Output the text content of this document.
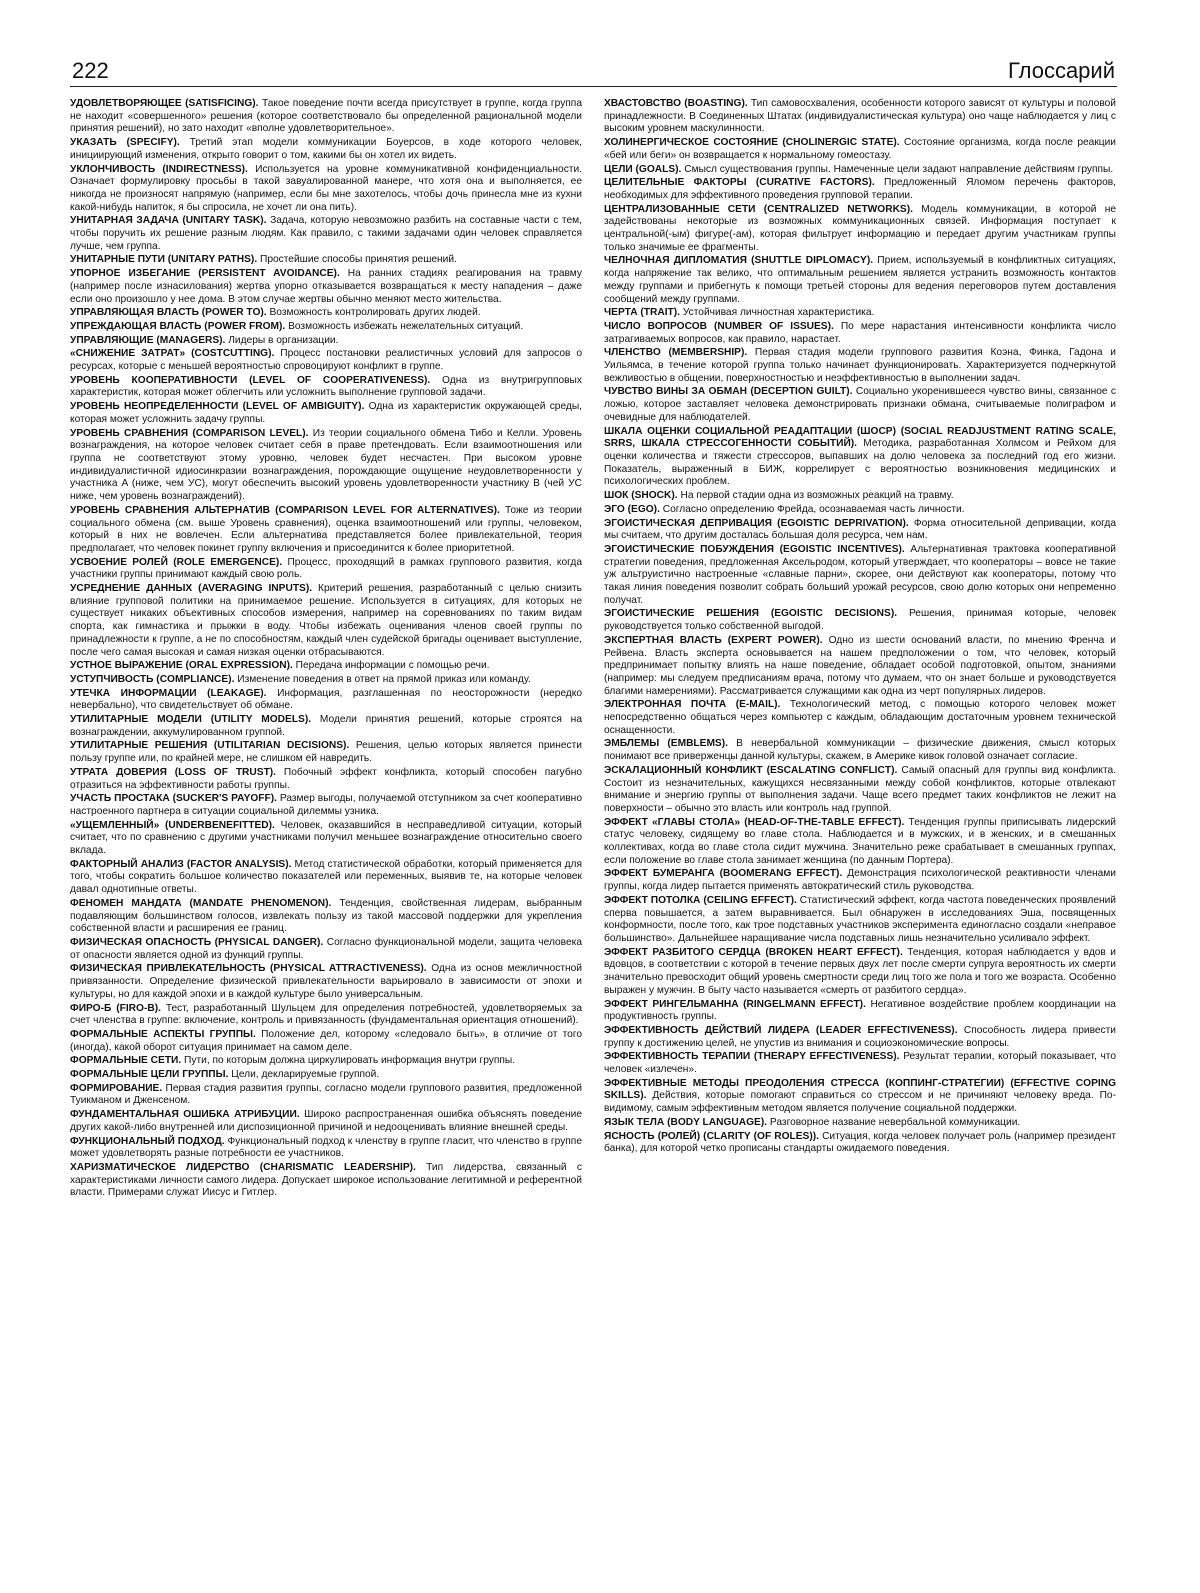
222	Глоссарий

УДОВЛЕТВОРЯЮЩЕЕ (SATISFICING). Такое поведение почти всегда присутствует в группе, когда группа не находит «совершенного» решения (которое соответствовало бы определенной рациональной модели принятия решений), но зато находит «вполне удовлетворительное».

УКАЗАТЬ (SPECIFY). Третий этап модели коммуникации Боуерсов, в ходе которого человек, инициирующий изменения, открыто говорит о том, какими бы он хотел их видеть.

УКЛОНЧИВОСТЬ (INDIRECTNESS). Используется на уровне коммуникативной конфиденциальности. Означает формулировку просьбы в такой завуалированной манере, что хотя она и выполняется, ее никогда не произносят напрямую (например, если бы мне захотелось, чтобы дочь принесла мне из кухни какой-нибудь напиток, я бы спросила, не хочет ли она пить).

УНИТАРНАЯ ЗАДАЧА (UNITARY TASK). Задача, которую невозможно разбить на составные части с тем, чтобы поручить их решение разным людям. Как правило, с такими задачами один человек справляется лучше, чем группа.

УНИТАРНЫЕ ПУТИ (UNITARY PATHS). Простейшие способы принятия решений.

УПОРНОЕ ИЗБЕГАНИЕ (PERSISTENT AVOIDANCE). На ранних стадиях реагирования на травму (например после изнасилования) жертва упорно отказывается возвращаться к месту нападения – даже если оно произошло у нее дома. В этом случае жертвы обычно меняют место жительства.

УПРАВЛЯЮЩАЯ ВЛАСТЬ (POWER TO). Возможность контролировать других людей.

УПРЕЖДАЮЩАЯ ВЛАСТЬ (POWER FROM). Возможность избежать нежелательных ситуаций.

УПРАВЛЯЮЩИЕ (MANAGERS). Лидеры в организации.

«СНИЖЕНИЕ ЗАТРАТ» (COSTCUTTING). Процесс постановки реалистичных условий для запросов о ресурсах, которые с меньшей вероятностью спровоцируют конфликт в группе.

УРОВЕНЬ КООПЕРАТИВНОСТИ (LEVEL OF COOPERATIVENESS). Одна из внутригрупповых характеристик, которая может облегчить или усложнить выполнение групповой задачи.

УРОВЕНЬ НЕОПРЕДЕЛЕННОСТИ (LEVEL OF AMBIGUITY). Одна из характеристик окружающей среды, которая может усложнить задачу группы.

УРОВЕНЬ СРАВНЕНИЯ (COMPARISON LEVEL). Из теории социального обмена Тибо и Келли. Уровень вознаграждения, на которое человек считает себя в праве претендовать. Если взаимоотношения или группа не соответствуют этому уровню, человек будет несчастен. При высоком уровне индивидуалистичной идиосинкразии вознаграждения, порождающие ощущение неудовлетворенности у участника A (ниже, чем УС), могут обеспечить высокий уровень удовлетворенности участнику B (чей УС ниже, чем уровень вознаграждений).

УРОВЕНЬ СРАВНЕНИЯ АЛЬТЕРНАТИВ (COMPARISON LEVEL FOR ALTERNATIVES). Тоже из теории социального обмена (см. выше Уровень сравнения), оценка взаимоотношений или группы, человеком, который в них не вовлечен. Если альтернатива представляется более привлекательной, теория предполагает, что человек покинет группу включения и присоединится к более приоритетной.

УСВОЕНИЕ РОЛЕЙ (ROLE EMERGENCE). Процесс, проходящий в рамках группового развития, когда участники группы принимают каждый свою роль.

УСРЕДНЕНИЕ ДАННЫХ (AVERAGING INPUTS). Критерий решения, разработанный с целью снизить влияние групповой политики на принимаемое решение. Используется в ситуациях, для которых не существует никаких объективных способов измерения, например на соревнованиях по таким видам спорта, как гимнастика и прыжки в воду. Чтобы избежать оценивания членов своей группы по принадлежности к группе, а не по способностям, каждый член судейской бригады оценивает выступление, после чего самая высокая и самая низкая оценки отбрасываются.

УСТНОЕ ВЫРАЖЕНИЕ (ORAL EXPRESSION). Передача информации с помощью речи.

УСТУПЧИВОСТЬ (COMPLIANCE). Изменение поведения в ответ на прямой приказ или команду.

УТЕЧКА ИНФОРМАЦИИ (LEAKAGE). Информация, разглашенная по неосторожности (нередко невербально), что свидетельствует об обмане.

УТИЛИТАРНЫЕ МОДЕЛИ (UTILITY MODELS). Модели принятия решений, которые строятся на вознаграждении, аккумулированном группой.

УТИЛИТАРНЫЕ РЕШЕНИЯ (UTILITARIAN DECISIONS). Решения, целью которых является принести пользу группе или, по крайней мере, не слишком ей навредить.

УТРАТА ДОВЕРИЯ (LOSS OF TRUST). Побочный эффект конфликта, который способен пагубно отразиться на эффективности работы группы.

УЧАСТЬ ПРОСТАКА (SUCKER'S PAYOFF). Размер выгоды, получаемой отступником за счет кооперативно настроенного партнера в ситуации социальной дилеммы узника.

«УЩЕМЛЕННЫЙ» (UNDERBENEFITTED). Человек, оказавшийся в несправедливой ситуации, который считает, что по сравнению с другими участниками получил меньшее вознаграждение относительно своего вклада.

ФАКТОРНЫЙ АНАЛИЗ (FACTOR ANALYSIS). Метод статистической обработки, который применяется для того, чтобы сократить большое количество показателей или переменных, выявив те, на которые человек давал однотипные ответы.

ФЕНОМЕН МАНДАТА (MANDATE PHENOMENON). Тенденция, свойственная лидерам, выбранным подавляющим большинством голосов, извлекать пользу из такой массовой поддержки для укрепления собственной власти и расширения ее границ.

ФИЗИЧЕСКАЯ ОПАСНОСТЬ (PHYSICAL DANGER). Согласно функциональной модели, защита человека от опасности является одной из функций группы.

ФИЗИЧЕСКАЯ ПРИВЛЕКАТЕЛЬНОСТЬ (PHYSICAL ATTRACTIVENESS). Одна из основ межличностной привязанности. Определение физической привлекательности варьировало в зависимости от эпохи и культуры, но для каждой эпохи и в каждой культуре было универсальным.

ФИРО-Б (FIRO-B). Тест, разработанный Шульцем для определения потребностей, удовлетворяемых за счет членства в группе: включение, контроль и привязанность (фундаментальная ориентация отношений).

ФОРМАЛЬНЫЕ АСПЕКТЫ ГРУППЫ. Положение дел, которому «следовало быть», в отличие от того (иногда), какой оборот ситуация принимает на самом деле.

ФОРМАЛЬНЫЕ СЕТИ. Пути, по которым должна циркулировать информация внутри группы.

ФОРМАЛЬНЫЕ ЦЕЛИ ГРУППЫ. Цели, декларируемые группой.

ФОРМИРОВАНИЕ. Первая стадия развития группы, согласно модели группового развития, предложенной Туикманом и Дженсеном.

ФУНДАМЕНТАЛЬНАЯ ОШИБКА АТРИБУЦИИ. Широко распространенная ошибка объяснять поведение других какой-либо внутренней или диспозиционной причиной и недооценивать влияние внешней среды.

ФУНКЦИОНАЛЬНЫЙ ПОДХОД. Функциональный подход к членству в группе гласит, что членство в группе может удовлетворять разные потребности ее участников.

ХАРИЗМАТИЧЕСКОЕ ЛИДЕРСТВО (CHARISMATIC LEADERSHIP). Тип лидерства, связанный с характеристиками личности самого лидера. Допускает широкое использование легитимной и референтной власти. Примерами служат Иисус и Гитлер.

ХВАСТОВСТВО (BOASTING). Тип самовосхваления, особенности которого зависят от культуры и половой принадлежности. В Соединенных Штатах (индивидуалистическая культура) оно чаще наблюдается у лиц с высоким уровнем маскулинности.

ХОЛИНЕРГИЧЕСКОЕ СОСТОЯНИЕ (CHOLINERGIC STATE). Состояние организма, когда после реакции «бей или беги» он возвращается к нормальному гомеостазу.

ЦЕЛИ (GOALS). Смысл существования группы. Намеченные цели задают направление действиям группы.

ЦЕЛИТЕЛЬНЫЕ ФАКТОРЫ (CURATIVE FACTORS). Предложенный Яломом перечень факторов, необходимых для эффективного проведения групповой терапии.

ЦЕНТРАЛИЗОВАННЫЕ СЕТИ (CENTRALIZED NETWORKS). Модель коммуникации, в которой не задействованы некоторые из возможных коммуникационных связей. Информация поступает к центральной(-ым) фигуре(-ам), которая фильтрует информацию и передает другим участникам группы только значимые ее фрагменты.

ЧЕЛНОЧНАЯ ДИПЛОМАТИЯ (SHUTTLE DIPLOMACY). Прием, используемый в конфликтных ситуациях, когда напряжение так велико, что оптимальным решением является устранить возможность контактов между группами и прибегнуть к помощи третьей стороны для ведения переговоров путем доставления сообщений между группами.

ЧЕРТА (TRAIT). Устойчивая личностная характеристика.

ЧИСЛО ВОПРОСОВ (NUMBER OF ISSUES). По мере нарастания интенсивности конфликта число затрагиваемых вопросов, как правило, нарастает.

ЧЛЕНСТВО (MEMBERSHIP). Первая стадия модели группового развития Коэна, Финка, Гадона и Уильямса, в течение которой группа только начинает функционировать. Характеризуется подчеркнутой вежливостью в общении, поверхностностью и неэффективностью в выполнении задач.

ЧУВСТВО ВИНЫ ЗА ОБМАН (DECEPTION GUILT). Социально укоренившееся чувство вины, связанное с ложью, которое заставляет человека демонстрировать признаки обмана, считываемые полиграфом и очевидные для наблюдателей.

ШКАЛА ОЦЕНКИ СОЦИАЛЬНОЙ РЕАДАПТАЦИИ (ШОСР) (SOCIAL READJUSTMENT RATING SCALE, SRRS, ШКАЛА СТРЕССОГЕННОСТИ СОБЫТИЙ). Методика, разработанная Холмсом и Рейхом для оценки количества и тяжести стрессоров, выпавших на долю человека за последний год его жизни. Показатель, выраженный в БИЖ, коррелирует с вероятностью возникновения медицинских и психологических проблем.

ШОК (SHOCK). На первой стадии одна из возможных реакций на травму.

ЭГО (EGO). Согласно определению Фрейда, осознаваемая часть личности.

ЭГОИСТИЧЕСКАЯ ДЕПРИВАЦИЯ (EGOISTIC DEPRIVATION). Форма относительной депривации, когда мы считаем, что другим досталась большая доля ресурса, чем нам.

ЭГОИСТИЧЕСКИЕ ПОБУЖДЕНИЯ (EGOISTIC INCENTIVES). Альтернативная трактовка кооперативной стратегии поведения, предложенная Аксельродом, который утверждает, что кооператоры – вовсе не такие уж альтруистично настроенные «славные парни», скорее, они действуют как кооператоры, потому что такая линия поведения позволит собрать больший урожай ресурсов, свою долю которых они непременно получат.

ЭГОИСТИЧЕСКИЕ РЕШЕНИЯ (EGOISTIC DECISIONS). Решения, принимая которые, человек руководствуется только собственной выгодой.

ЭКСПЕРТНАЯ ВЛАСТЬ (EXPERT POWER). Одно из шести оснований власти, по мнению Френча и Рейвена. Власть эксперта основывается на нашем предположении о том, что человек, который предпринимает попытку влиять на наше поведение, обладает особой подготовкой, опытом, знаниями (например: мы следуем предписаниям врача, потому что думаем, что он знает больше и руководствуется благими намерениями). Рассматривается служащими как одна из черт популярных лидеров.

ЭЛЕКТРОННАЯ ПОЧТА (E-MAIL). Технологический метод, с помощью которого человек может непосредственно общаться через компьютер с каждым, обладающим достаточным уровнем технической оснащенности.

ЭМБЛЕМЫ (EMBLEMS). В невербальной коммуникации – физические движения, смысл которых понимают все приверженцы данной культуры, скажем, в Америке кивок головой означает согласие.

ЭСКАЛАЦИОННЫЙ КОНФЛИКТ (ESCALATING CONFLICT). Самый опасный для группы вид конфликта. Состоит из незначительных, кажущихся несвязанными между собой конфликтов, которые отвлекают внимание и энергию группы от выполнения задачи. Чаще всего предмет таких конфликтов не лежит на поверхности – обычно это власть или контроль над группой.

ЭФФЕКТ «ГЛАВЫ СТОЛА» (HEAD-OF-THE-TABLE EFFECT). Тенденция группы приписывать лидерский статус человеку, сидящему во главе стола. Наблюдается и в мужских, и в женских, и в смешанных коллективах, когда во главе стола сидит мужчина. Значительно реже срабатывает в смешанных группах, если положение во главе стола занимает женщина (по данным Портера).

ЭФФЕКТ БУМЕРАНГА (BOOMERANG EFFECT). Демонстрация психологической реактивности членами группы, когда лидер пытается применять автократический стиль руководства.

ЭФФЕКТ ПОТОЛКА (CEILING EFFECT). Статистический эффект, когда частота поведенческих проявлений сперва повышается, а затем выравнивается. Был обнаружен в исследованиях Эша, посвященных конформности, после того, как трое подставных участников эксперимента единогласно создали «неправое большинство». Дальнейшее наращивание числа подставных лишь незначительно усиливало эффект.

ЭФФЕКТ РАЗБИТОГО СЕРДЦА (BROKEN HEART EFFECT). Тенденция, которая наблюдается у вдов и вдовцов, в соответствии с которой в течение первых двух лет после смерти супруга вероятность их смерти значительно превосходит общий уровень смертности среди лиц того же пола и того же возраста. Особенно выражен у мужчин. В быту часто называется «смерть от разбитого сердца».

ЭФФЕКТ РИНГЕЛЬМАННА (RINGELMANN EFFECT). Негативное воздействие проблем координации на продуктивность группы.

ЭФФЕКТИВНОСТЬ ДЕЙСТВИЙ ЛИДЕРА (LEADER EFFECTIVENESS). Способность лидера привести группу к достижению целей, не упустив из внимания и социоэкономические вопросы.

ЭФФЕКТИВНОСТЬ ТЕРАПИИ (THERAPY EFFECTIVENESS). Результат терапии, который показывает, что человек «излечен».

ЭФФЕКТИВНЫЕ МЕТОДЫ ПРЕОДОЛЕНИЯ СТРЕССА (КОППИНГ-СТРАТЕГИИ) (EFFECTIVE COPING SKILLS). Действия, которые помогают справиться со стрессом и не причиняют человеку вреда. По-видимому, самым эффективным методом является получение социальной поддержки.

ЯЗЫК ТЕЛА (BODY LANGUAGE). Разговорное название невербальной коммуникации.

ЯСНОСТЬ (РОЛЕЙ) (CLARITY (OF ROLES)). Ситуация, когда человек получает роль (например президент банка), для которой четко прописаны стандарты ожидаемого поведения.
